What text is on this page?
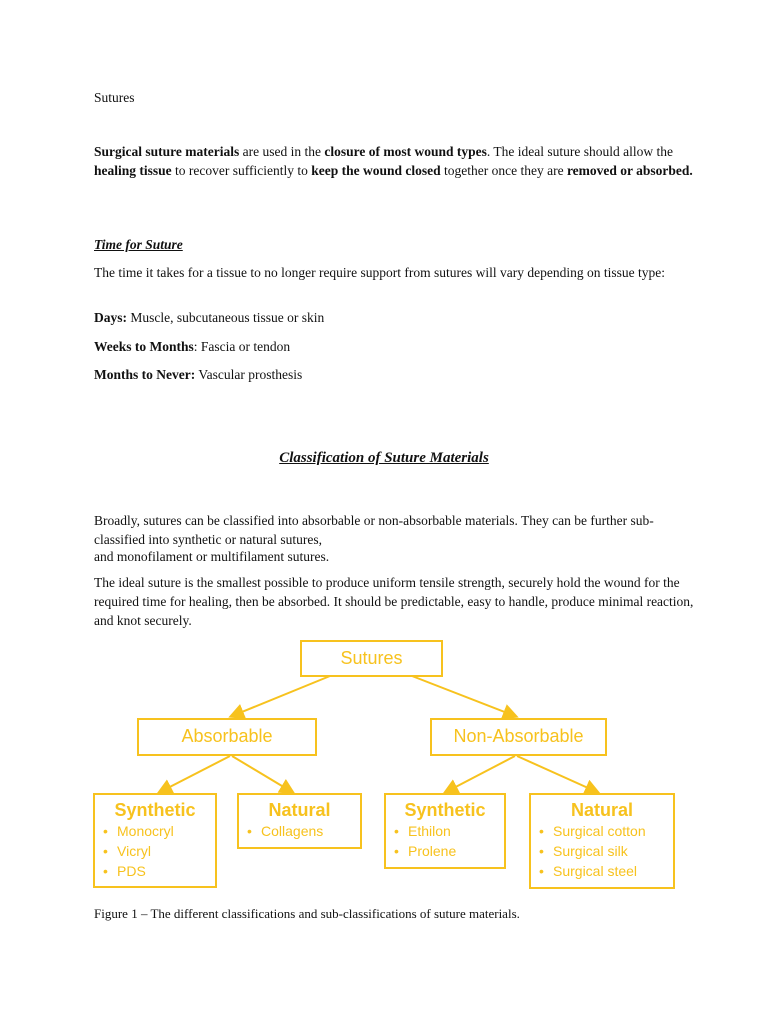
Sutures

Surgical suture materials are used in the closure of most wound types. The ideal suture should allow the healing tissue to recover sufficiently to keep the wound closed together once they are removed or absorbed.

Time for Suture

The time it takes for a tissue to no longer require support from sutures will vary depending on tissue type:

Days: Muscle, subcutaneous tissue or skin

Weeks to Months: Fascia or tendon

Months to Never: Vascular prosthesis

Classification of Suture Materials

Broadly, sutures can be classified into absorbable or non-absorbable materials. They can be further sub-classified into synthetic or natural sutures,

and monofilament or multifilament sutures.

The ideal suture is the smallest possible to produce uniform tensile strength, securely hold the wound for the required time for healing, then be absorbed. It should be predictable, easy to handle, produce minimal reaction, and knot securely.

Sutures
Absorbable	Non-Absorbable
Synthetic
• Monocryl
• Vicryl
• PDS
Natural
• Collagens
Synthetic
• Ethilon
• Prolene
Natural
• Surgical cotton
• Surgical silk
• Surgical steel

Figure 1 – The different classifications and sub-classifications of suture materials.
